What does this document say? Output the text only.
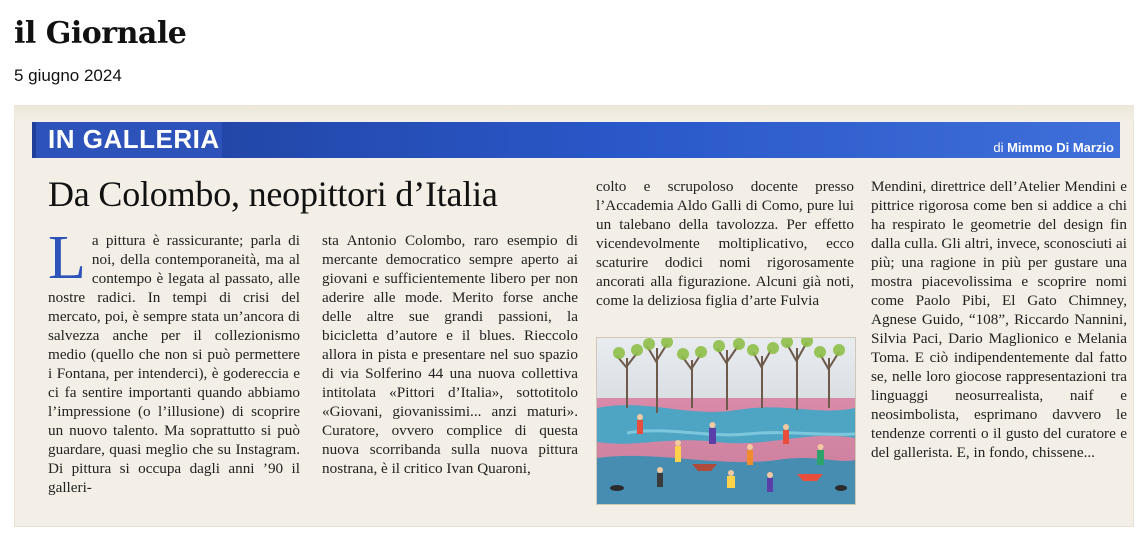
il Giornale
5 giugno 2024
IN GALLERIA	di Mimmo Di Marzio
Da Colombo, neopittori d’Italia
La pittura è rassicurante; parla di noi, della contemporaneità, ma al contempo è legata al passato, alle nostre radici. In tempi di crisi del mercato, poi, è sempre stata un’ancora di salvezza anche per il collezionismo medio (quello che non si può permettere i Fontana, per intenderci), è godereccia e ci fa sentire importanti quando abbiamo l’impressione (o l’illusione) di scoprire un nuovo talento. Ma soprattutto si può guardare, quasi meglio che su Instagram. Di pittura si occupa dagli anni ’90 il galleri-
sta Antonio Colombo, raro esempio di mercante democratico sempre aperto ai giovani e sufficientemente libero per non aderire alle mode. Merito forse anche delle altre sue grandi passioni, la bicicletta d’autore e il blues. Rieccolo allora in pista e presentare nel suo spazio di via Solferino 44 una nuova collettiva intitolata «Pittori d’Italia», sottotitolo «Giovani, giovanissimi... anzi maturi». Curatore, ovvero complice di questa nuova scorribanda sulla nuova pittura nostrana, è il critico Ivan Quaroni,
colto e scrupoloso docente presso l’Accademia Aldo Galli di Como, pure lui un talebano della tavolozza. Per effetto vicendevolmente moltiplicativo, ecco scaturire dodici nomi rigorosamente ancorati alla figurazione. Alcuni già noti, come la deliziosa figlia d’arte Fulvia
Mendini, direttrice dell’Atelier Mendini e pittrice rigorosa come ben si addice a chi ha respirato le geometrie del design fin dalla culla. Gli altri, invece, sconosciuti ai più; una ragione in più per gustare una mostra piacevolissima e scoprire nomi come Paolo Pibi, El Gato Chimney, Agnese Guido, “108”, Riccardo Nannini, Silvia Paci, Dario Maglionico e Melania Toma. E ciò indipendentemente dal fatto se, nelle loro giocose rappresentazioni tra linguaggi neosurrealista, naif e neosimbolista, esprimano davvero le tendenze correnti o il gusto del curatore e del gallerista. E, in fondo, chissene...
